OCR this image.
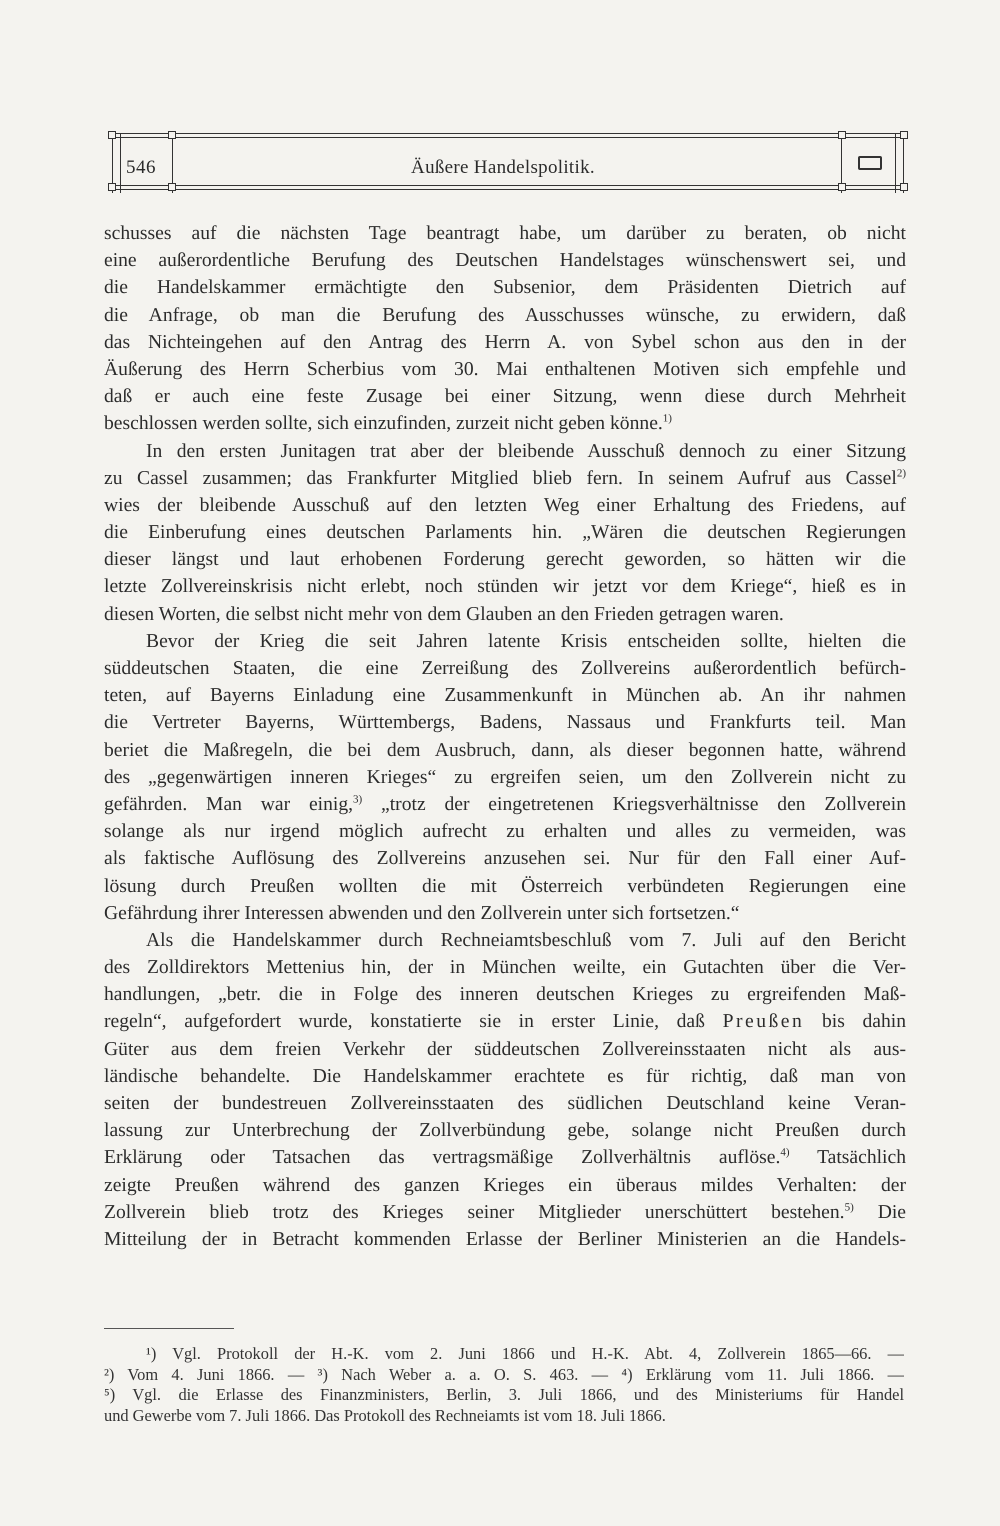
546	Äußere Handelspolitik.
schusses auf die nächsten Tage beantragt habe, um darüber zu beraten, ob nicht
eine außerordentliche Berufung des Deutschen Handelstages wünschenswert sei, und
die Handelskammer ermächtigte den Subsenior, dem Präsidenten Dietrich auf
die Anfrage, ob man die Berufung des Ausschusses wünsche, zu erwidern, daß
das Nichteingehen auf den Antrag des Herrn A. von Sybel schon aus den in der
Äußerung des Herrn Scherbius vom 30. Mai enthaltenen Motiven sich empfehle und
daß er auch eine feste Zusage bei einer Sitzung, wenn diese durch Mehrheit
beschlossen werden sollte, sich einzufinden, zurzeit nicht geben könne.$^{1)}$
In den ersten Junitagen trat aber der bleibende Ausschuß dennoch zu einer Sitzung
zu Cassel zusammen; das Frankfurter Mitglied blieb fern. In seinem Aufruf aus Cassel$^{2)}$
wies der bleibende Ausschuß auf den letzten Weg einer Erhaltung des Friedens, auf
die Einberufung eines deutschen Parlaments hin. „Wären die deutschen Regierungen
dieser längst und laut erhobenen Forderung gerecht geworden, so hätten wir die
letzte Zollvereinskrisis nicht erlebt, noch stünden wir jetzt vor dem Kriege“, hieß es in
diesen Worten, die selbst nicht mehr von dem Glauben an den Frieden getragen waren.
Bevor der Krieg die seit Jahren latente Krisis entscheiden sollte, hielten die
süddeutschen Staaten, die eine Zerreißung des Zollvereins außerordentlich befürch-
teten, auf Bayerns Einladung eine Zusammenkunft in München ab. An ihr nahmen
die Vertreter Bayerns, Württembergs, Badens, Nassaus und Frankfurts teil. Man
beriet die Maßregeln, die bei dem Ausbruch, dann, als dieser begonnen hatte, während
des „gegenwärtigen inneren Krieges“ zu ergreifen seien, um den Zollverein nicht zu
gefährden. Man war einig,$^{3)}$ „trotz der eingetretenen Kriegsverhältnisse den Zollverein
solange als nur irgend möglich aufrecht zu erhalten und alles zu vermeiden, was
als faktische Auflösung des Zollvereins anzusehen sei. Nur für den Fall einer Auf-
lösung durch Preußen wollten die mit Österreich verbündeten Regierungen eine
Gefährdung ihrer Interessen abwenden und den Zollverein unter sich fortsetzen.“
Als die Handelskammer durch Rechneiamtsbeschluß vom 7. Juli auf den Bericht
des Zolldirektors Mettenius hin, der in München weilte, ein Gutachten über die Ver-
handlungen, „betr. die in Folge des inneren deutschen Krieges zu ergreifenden Maß-
regeln“, aufgefordert wurde, konstatierte sie in erster Linie, daß Preußen bis dahin
Güter aus dem freien Verkehr der süddeutschen Zollvereinsstaaten nicht als aus-
ländische behandelte. Die Handelskammer erachtete es für richtig, daß man von
seiten der bundestreuen Zollvereinsstaaten des südlichen Deutschland keine Veran-
lassung zur Unterbrechung der Zollverbündung gebe, solange nicht Preußen durch
Erklärung oder Tatsachen das vertragsmäßige Zollverhältnis auflöse.$^{4)}$ Tatsächlich
zeigte Preußen während des ganzen Krieges ein überaus mildes Verhalten: der
Zollverein blieb trotz des Krieges seiner Mitglieder unerschüttert bestehen.$^{5)}$ Die
Mitteilung der in Betracht kommenden Erlasse der Berliner Ministerien an die Handels-
¹) Vgl. Protokoll der H.-K. vom 2. Juni 1866 und H.-K. Abt. 4, Zollverein 1865—66. —
²) Vom 4. Juni 1866. — ³) Nach Weber a. a. O. S. 463. — ⁴) Erklärung vom 11. Juli 1866. —
⁵) Vgl. die Erlasse des Finanzministers, Berlin, 3. Juli 1866, und des Ministeriums für Handel
und Gewerbe vom 7. Juli 1866. Das Protokoll des Rechneiamts ist vom 18. Juli 1866.
